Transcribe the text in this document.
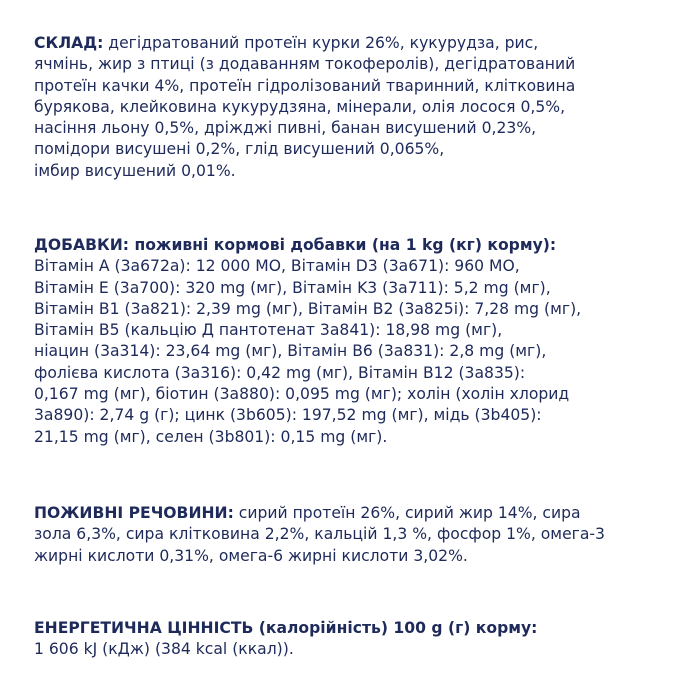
СКЛАД: дегідратований протеїн курки 26%, кукурудза, рис,
ячмінь, жир з птиці (з додаванням токоферолів), дегідратований
протеїн качки 4%, протеїн гідролізований тваринний, клітковина
бурякова, клейковина кукурудзяна, мінерали, олія лосося 0,5%,
насіння льону 0,5%, дріжджі пивні, банан висушений 0,23%,
помідори висушені 0,2%, глід висушений 0,065%,
імбир висушений 0,01%.
ДОБАВКИ: поживні кормові добавки (на 1 kg (кг) корму):
Вітамін A (3a672a): 12 000 MO, Вітамін D3 (3a671): 960 MO,
Вітамін E (3a700): 320 mg (мг), Вітамін K3 (3a711): 5,2 mg (мг),
Вітамін B1 (3a821): 2,39 mg (мг), Вітамін B2 (3a825i): 7,28 mg (мг),
Вітамін B5 (кальцію Д пантотенат 3a841): 18,98 mg (мг),
ніацин (3a314): 23,64 mg (мг), Вітамін B6 (3a831): 2,8 mg (мг),
фолієва кислота (3a316): 0,42 mg (мг), Вітамін B12 (3a835):
0,167 mg (мг), біотин (3a880): 0,095 mg (мг); холін (холін хлорид
3a890): 2,74 g (г); цинк (3b605): 197,52 mg (мг), мідь (3b405):
21,15 mg (мг), селен (3b801): 0,15 mg (мг).
ПОЖИВНІ РЕЧОВИНИ: сирий протеїн 26%, сирий жир 14%, сира
зола 6,3%, сира клітковина 2,2%, кальцій 1,3 %, фосфор 1%, омега-3
жирні кислоти 0,31%, омега-6 жирні кислоти 3,02%.
ЕНЕРГЕТИЧНА ЦІННІСТЬ (калорійність) 100 g (г) корму:
1 606 kJ (кДж) (384 kcal (ккал)).
